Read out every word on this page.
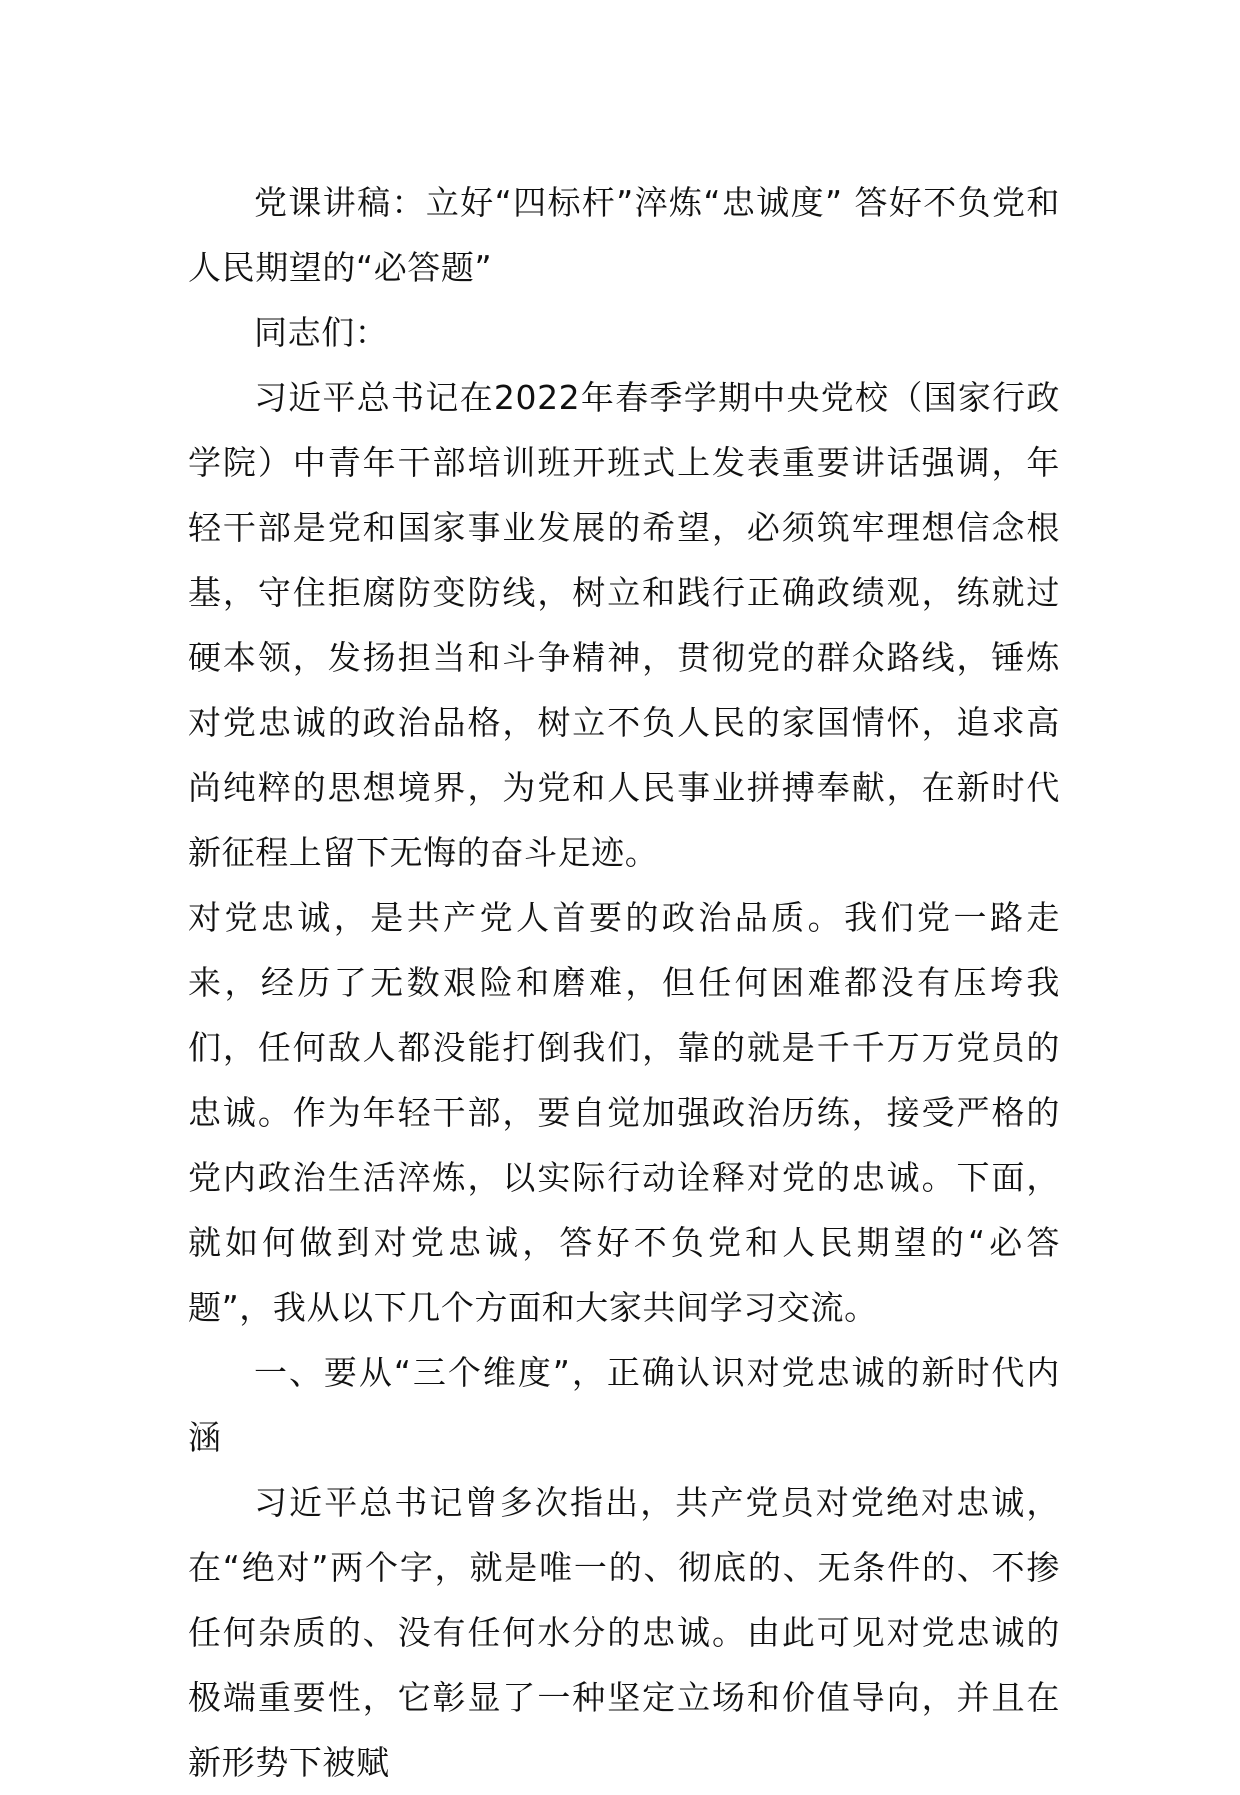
党课讲稿：立好“四标杆”淬炼“忠诚度” 答好不负党和人民期望的“必答题”

同志们：

习近平总书记在2022年春季学期中央党校（国家行政学院）中青年干部培训班开班式上发表重要讲话强调，年轻干部是党和国家事业发展的希望，必须筑牢理想信念根基，守住拒腐防变防线，树立和践行正确政绩观，练就过硬本领，发扬担当和斗争精神，贯彻党的群众路线，锤炼对党忠诚的政治品格，树立不负人民的家国情怀，追求高尚纯粹的思想境界，为党和人民事业拼搏奉献，在新时代新征程上留下无悔的奋斗足迹。

对党忠诚，是共产党人首要的政治品质。我们党一路走来，经历了无数艰险和磨难，但任何困难都没有压垮我们，任何敌人都没能打倒我们，靠的就是千千万万党员的忠诚。作为年轻干部，要自觉加强政治历练，接受严格的党内政治生活淬炼，以实际行动诠释对党的忠诚。下面，就如何做到对党忠诚，答好不负党和人民期望的“必答题”，我从以下几个方面和大家共间学习交流。

一、要从“三个维度”，正确认识对党忠诚的新时代内涵

习近平总书记曾多次指出，共产党员对党绝对忠诚，在“绝对”两个字，就是唯一的、彻底的、无条件的、不掺任何杂质的、没有任何水分的忠诚。由此可见对党忠诚的极端重要性，它彰显了一种坚定立场和价值导向，并且在新形势下被赋
